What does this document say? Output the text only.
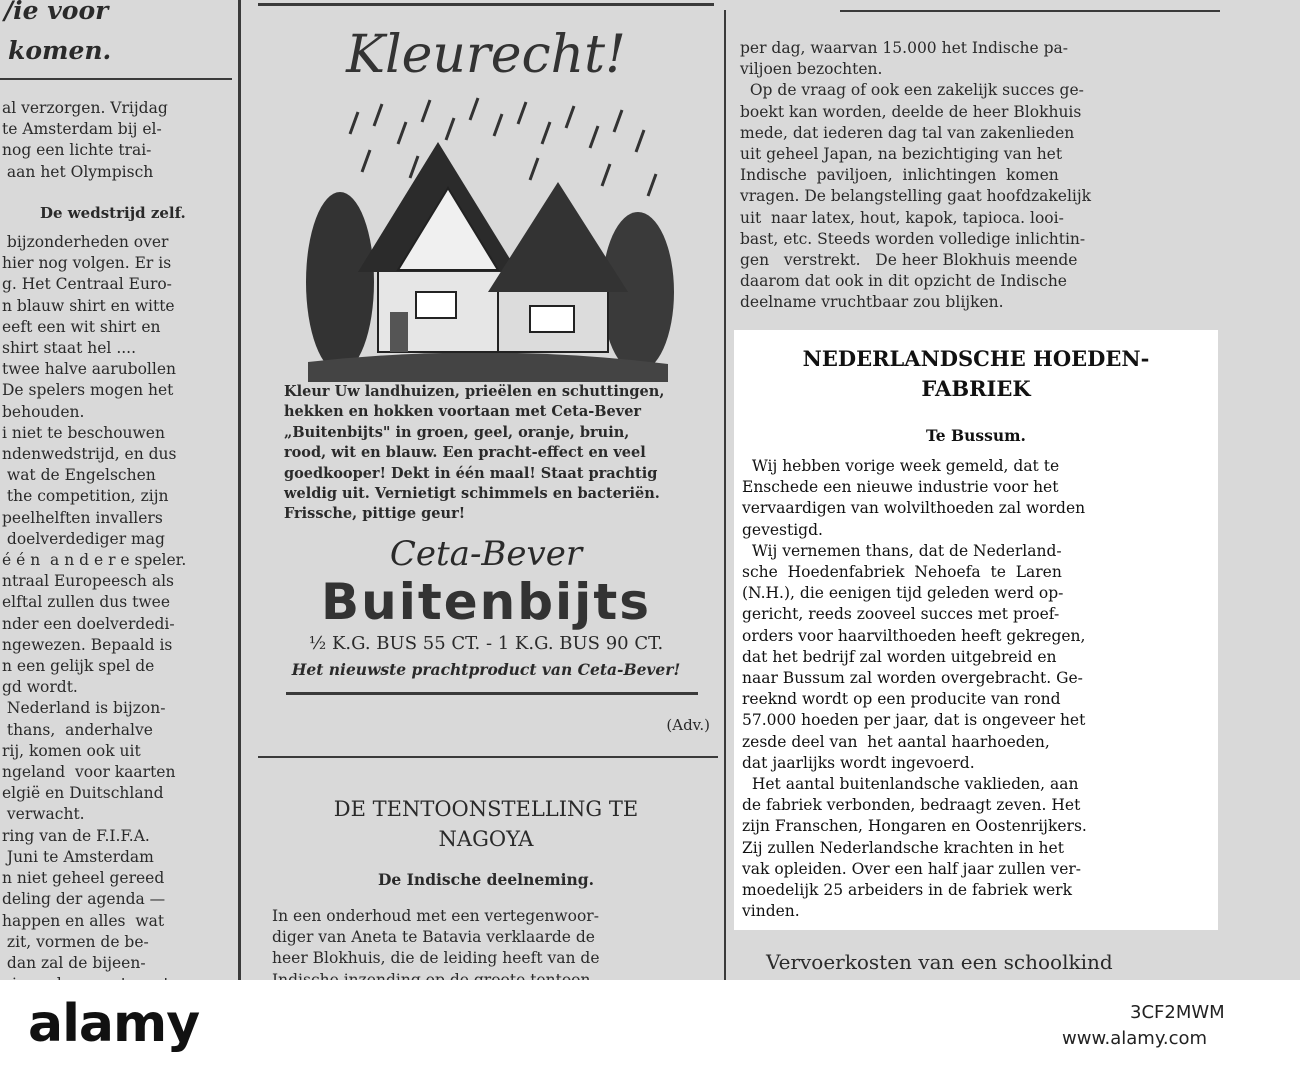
/ie voor

komen.

al verzorgen. Vrijdag
te Amsterdam bij el-
nog een lichte trai-
aan het Olympisch

De wedstrijd zelf.

bijzonderheden over
hier nog volgen. Er is
g. Het Centraal Euro-
n blauw shirt en witte
eeft een wit shirt en
shirt staat hel ....
twee halve aarubollen
De spelers mogen het
behouden.
i niet te beschouwen
ndenwedstrijd, en dus
wat de Engelschen
the competition, zijn
peelhelften invallers
doelverdediger mag
é é n  a n d e r e speler.
ntraal Europeesch als
elftal zullen dus twee
nder een doelverdedi-
ngewezen. Bepaald is
n een gelijk spel de
gd wordt.
Nederland is bijzon-
thans,  anderhalve
rij, komen ook uit
ngeland  voor kaarten
elgië en Duitschland
verwacht.
ring van de F.I.F.A.
Juni te Amsterdam
n niet geheel gereed
deling der agenda —
happen en alles  wat
zit, vormen de be-
dan zal de bijeen-

Kleurecht!

Kleur Uw landhuizen, prieëlen en schuttingen,
hekken en hokken voortaan met Ceta-Bever
„Buitenbijts" in groen, geel, oranje, bruin,
rood, wit en blauw. Een pracht-effect en veel
goedkooper! Dekt in één maal! Staat prachtig
weldig uit. Vernietigt schimmels en bacteriën.
Frissche, pittige geur!

Ceta-Bever

Buitenbijts

½ K.G. BUS 55 CT. - 1 K.G. BUS 90 CT.

Het nieuwste prachtproduct van Ceta-Bever!

(Adv.)

DE TENTOONSTELLING TE
NAGOYA

De Indische deelneming.

In een onderhoud met een vertegenwoor-
diger van Aneta te Batavia verklaarde de
heer Blokhuis, die de leiding heeft van de

per dag, waarvan 15.000 het Indische pa-
viljoen bezochten.
Op de vraag of ook een zakelijk succes ge-
boekt kan worden, deelde de heer Blokhuis
mede, dat iederen dag tal van zakenlieden
uit geheel Japan, na bezichtiging van het
Indische  paviljoen,  inlichtingen  komen
vragen. De belangstelling gaat hoofdzakelijk
uit  naar latex, hout, kapok, tapioca. looi-
bast, etc. Steeds worden volledige inlichtin-
gen   verstrekt.   De heer Blokhuis meende
daarom dat ook in dit opzicht de Indische
deelname vruchtbaar zou blijken.

NEDERLANDSCHE HOEDEN-
FABRIEK

Te Bussum.

Wij hebben vorige week gemeld, dat te
Enschede een nieuwe industrie voor het
vervaardigen van wolvilthoeden zal worden
gevestigd.
Wij vernemen thans, dat de Nederland-
sche  Hoedenfabriek  Nehoefa  te  Laren
(N.H.), die eenigen tijd geleden werd op-
gericht, reeds zooveel succes met proef-
orders voor haarvilthoeden heeft gekregen,
dat het bedrijf zal worden uitgebreid en
naar Bussum zal worden overgebracht. Ge-
reeknd wordt op een producite van rond
57.000 hoeden per jaar, dat is ongeveer het
zesde deel van  het aantal haarhoeden,
dat jaarlijks wordt ingevoerd.
Het aantal buitenlandsche vaklieden, aan
de fabriek verbonden, bedraagt zeven. Het
zijn Franschen, Hongaren en Oostenrijkers.
Zij zullen Nederlandsche krachten in het
vak opleiden. Over een half jaar zullen ver-
moedelijk 25 arbeiders in de fabriek werk
vinden.

Vervoerkosten van een schoolkind

alamy	3CF2MWM

www.alamy.com
